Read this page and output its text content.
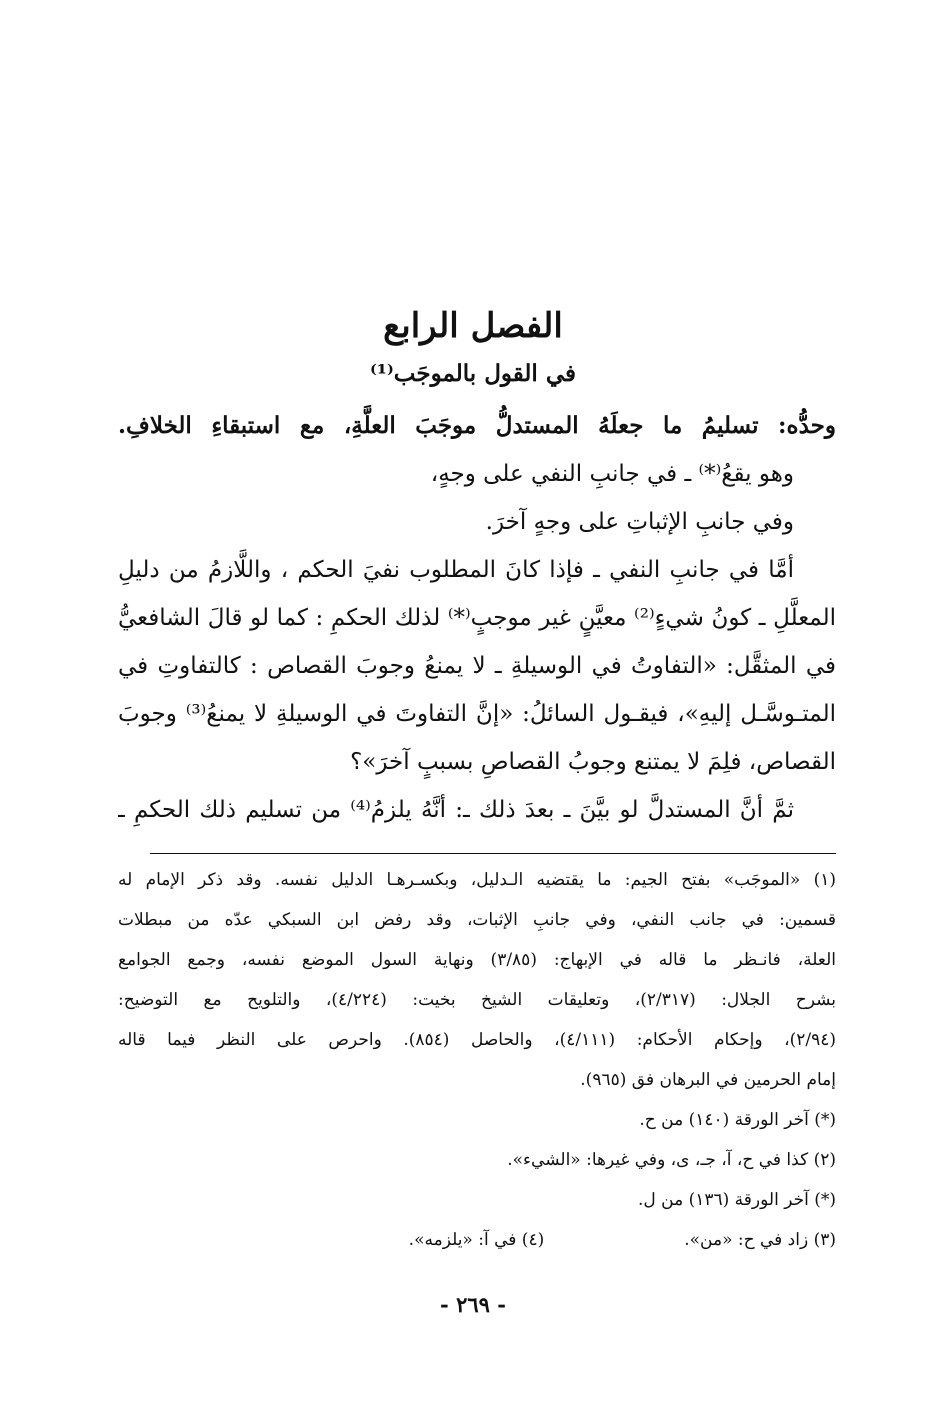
الفصل الرابع
في القول بالموجَب⁽¹⁾
وحدُّه: تسليمُ ما جعلَهُ المستدلُّ موجَبَ العلَّةِ، مع استبقاءِ الخلافِ.
وهو يقعُ⁽*⁾ ـ في جانبِ النفي على وجهٍ،
وفي جانبِ الإثباتِ على وجهٍ آخرَ.
أمَّا في جانبِ النفي ـ فإذا كانَ المطلوب نفيَ الحكم ، واللَّازمُ من دليلِ
المعلَّلِ ـ كونُ شيءٍ⁽²⁾ معيَّنٍ غير موجبٍ⁽*⁾ لذلك الحكمِ : كما لو قالَ الشافعيُّ
في المثقَّل: «التفاوتُ في الوسيلةِ ـ لا يمنعُ وجوبَ القصاص : كالتفاوتِ في
المتـوسَّـل إليهِ»، فيقـول السائلُ: «إنَّ التفاوتَ في الوسيلةِ لا يمنعُ⁽³⁾ وجوبَ
القصاص، فلِمَ لا يمتنع وجوبُ القصاصِ بسببٍ آخرَ»؟
ثمَّ أنَّ المستدلَّ لو بيَّنَ ـ بعدَ ذلك ـ: أنَّهُ يلزمُ⁽⁴⁾ من تسليم ذلك الحكمِ ـ
(١) «الموجَب» بفتح الجيم: ما يقتضيه الـدليل، وبكسـرهـا الدليل نفسه. وقد ذكر الإمام له
قسمين: في جانب النفي، وفي جانبِ الإثبات، وقد رفض ابن السبكي عدّه من مبطلات
العلة، فانـظر ما قاله في الإبهاج: (٣/٨٥) ونهاية السول الموضع نفسه، وجمع الجوامع
بشرح الجلال: (٢/٣١٧)، وتعليقات الشيخ بخيت: (٤/٢٢٤)، والتلويح مع التوضيح:
(٢/٩٤)، وإحكام الأحكام: (٤/١١١)، والحاصل (٨٥٤). واحرص على النظر فيما قاله
إمام الحرمين في البرهان فق (٩٦٥).
(*) آخر الورقة (١٤٠) من ح.
(٢) كذا في ح، آ، جـ، ى، وفي غيرها: «الشيء».
(*) آخر الورقة (١٣٦) من ل.
(٣) زاد في ح: «من».
(٤) في آ: «يلزمه».
- ٢٦٩ -
